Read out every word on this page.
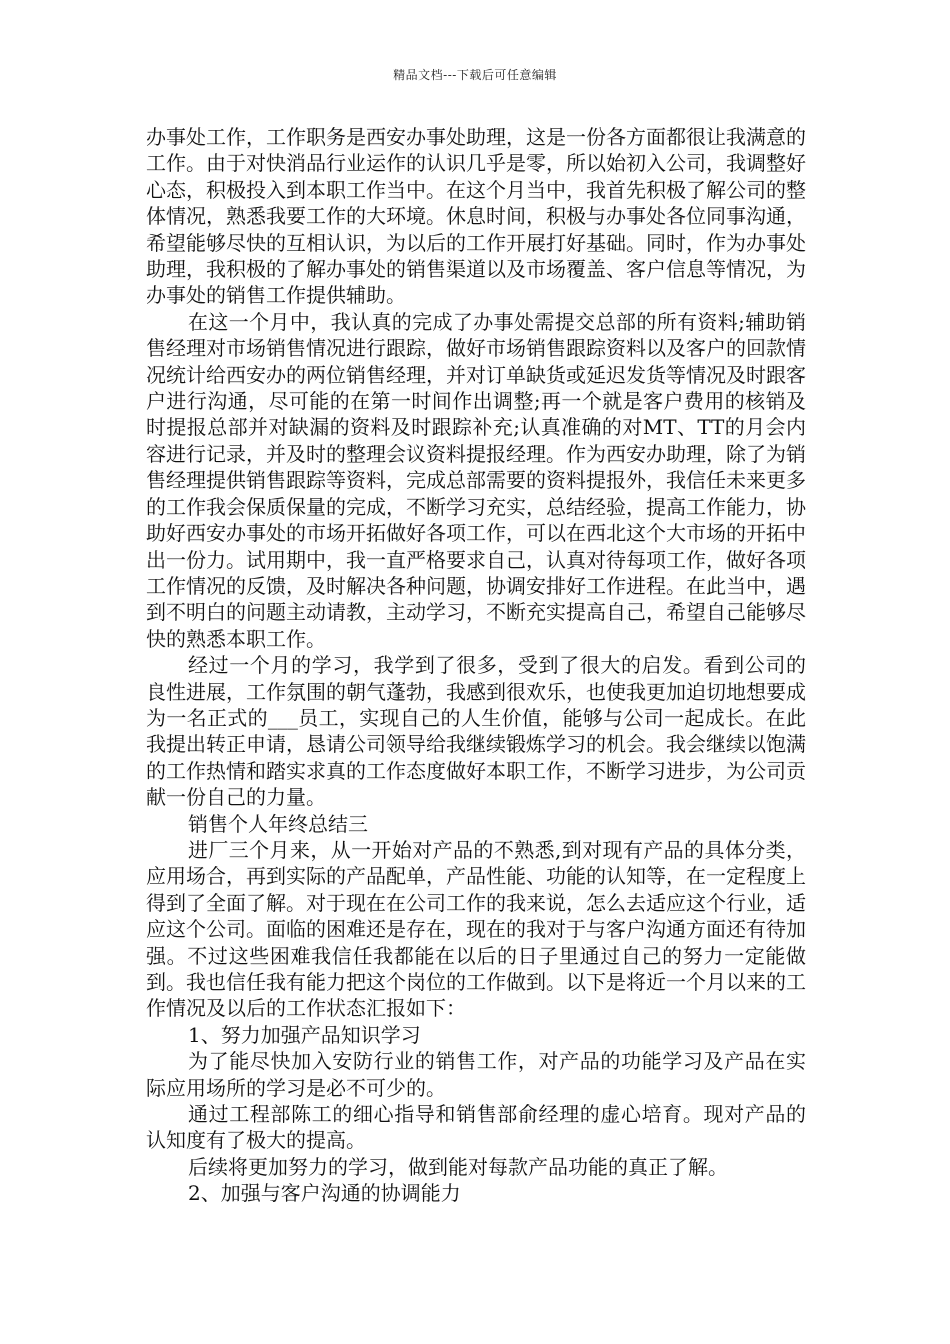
精品文档---下载后可任意编辑

办事处工作，工作职务是西安办事处助理，这是一份各方面都很让我满意的工作。由于对快消品行业运作的认识几乎是零，所以始初入公司，我调整好心态，积极投入到本职工作当中。在这个月当中，我首先积极了解公司的整体情况，熟悉我要工作的大环境。休息时间，积极与办事处各位同事沟通，希望能够尽快的互相认识，为以后的工作开展打好基础。同时，作为办事处助理，我积极的了解办事处的销售渠道以及市场覆盖、客户信息等情况，为办事处的销售工作提供辅助。

在这一个月中，我认真的完成了办事处需提交总部的所有资料;辅助销售经理对市场销售情况进行跟踪，做好市场销售跟踪资料以及客户的回款情况统计给西安办的两位销售经理，并对订单缺货或延迟发货等情况及时跟客户进行沟通，尽可能的在第一时间作出调整;再一个就是客户费用的核销及时提报总部并对缺漏的资料及时跟踪补充;认真准确的对MT、TT的月会内容进行记录，并及时的整理会议资料提报经理。作为西安办助理，除了为销售经理提供销售跟踪等资料，完成总部需要的资料提报外，我信任未来更多的工作我会保质保量的完成，不断学习充实，总结经验，提高工作能力，协助好西安办事处的市场开拓做好各项工作，可以在西北这个大市场的开拓中出一份力。试用期中，我一直严格要求自己，认真对待每项工作，做好各项工作情况的反馈，及时解决各种问题，协调安排好工作进程。在此当中，遇到不明白的问题主动请教，主动学习，不断充实提高自己，希望自己能够尽快的熟悉本职工作。

经过一个月的学习，我学到了很多，受到了很大的启发。看到公司的良性进展，工作氛围的朝气蓬勃，我感到很欢乐，也使我更加迫切地想要成为一名正式的___员工，实现自己的人生价值，能够与公司一起成长。在此我提出转正申请，恳请公司领导给我继续锻炼学习的机会。我会继续以饱满的工作热情和踏实求真的工作态度做好本职工作，不断学习进步，为公司贡献一份自己的力量。

销售个人年终总结三

进厂三个月来，从一开始对产品的不熟悉,到对现有产品的具体分类，应用场合，再到实际的产品配单，产品性能、功能的认知等，在一定程度上得到了全面了解。对于现在在公司工作的我来说，怎么去适应这个行业，适应这个公司。面临的困难还是存在，现在的我对于与客户沟通方面还有待加强。不过这些困难我信任我都能在以后的日子里通过自己的努力一定能做到。我也信任我有能力把这个岗位的工作做到。以下是将近一个月以来的工作情况及以后的工作状态汇报如下：

1、努力加强产品知识学习

为了能尽快加入安防行业的销售工作，对产品的功能学习及产品在实际应用场所的学习是必不可少的。

通过工程部陈工的细心指导和销售部俞经理的虚心培育。现对产品的认知度有了极大的提高。

后续将更加努力的学习，做到能对每款产品功能的真正了解。

2、加强与客户沟通的协调能力
